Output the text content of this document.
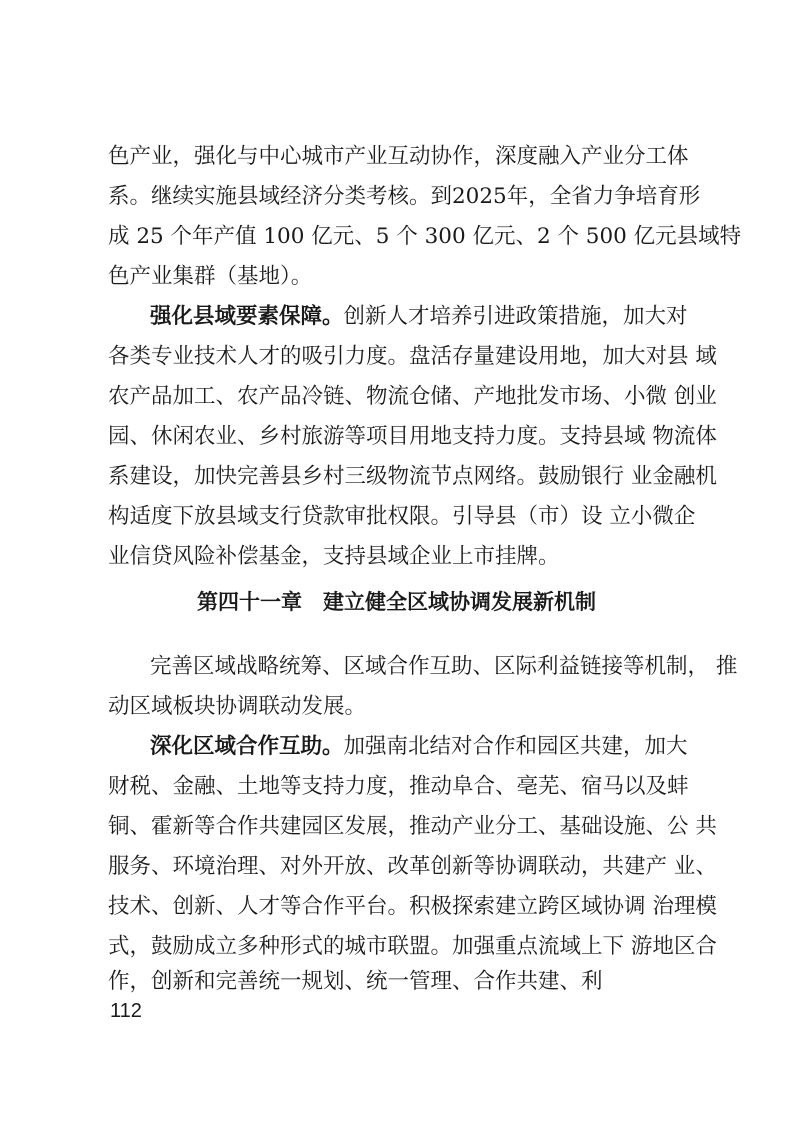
色产业，强化与中心城市产业互动协作，深度融入产业分工体
系。继续实施县域经济分类考核。到2025年，全省力争培育形
成 25 个年产值 100 亿元、5 个 300 亿元、2 个 500 亿元县域特
色产业集群（基地）。
强化县域要素保障。创新人才培养引进政策措施，加大对
各类专业技术人才的吸引力度。盘活存量建设用地，加大对县 域
农产品加工、农产品冷链、物流仓储、产地批发市场、小微 创业
园、休闲农业、乡村旅游等项目用地支持力度。支持县域 物流体
系建设，加快完善县乡村三级物流节点网络。鼓励银行 业金融机
构适度下放县域支行贷款审批权限。引导县（市）设 立小微企
业信贷风险补偿基金，支持县域企业上市挂牌。
第四十一章　建立健全区域协调发展新机制
完善区域战略统筹、区域合作互助、区际利益链接等机制， 推
动区域板块协调联动发展。
深化区域合作互助。加强南北结对合作和园区共建，加大
财税、金融、土地等支持力度，推动阜合、亳芜、宿马以及蚌
铜、霍新等合作共建园区发展，推动产业分工、基础设施、公 共
服务、环境治理、对外开放、改革创新等协调联动，共建产 业、
技术、创新、人才等合作平台。积极探索建立跨区域协调 治理模
式，鼓励成立多种形式的城市联盟。加强重点流域上下 游地区合
作，创新和完善统一规划、统一管理、合作共建、利
112
